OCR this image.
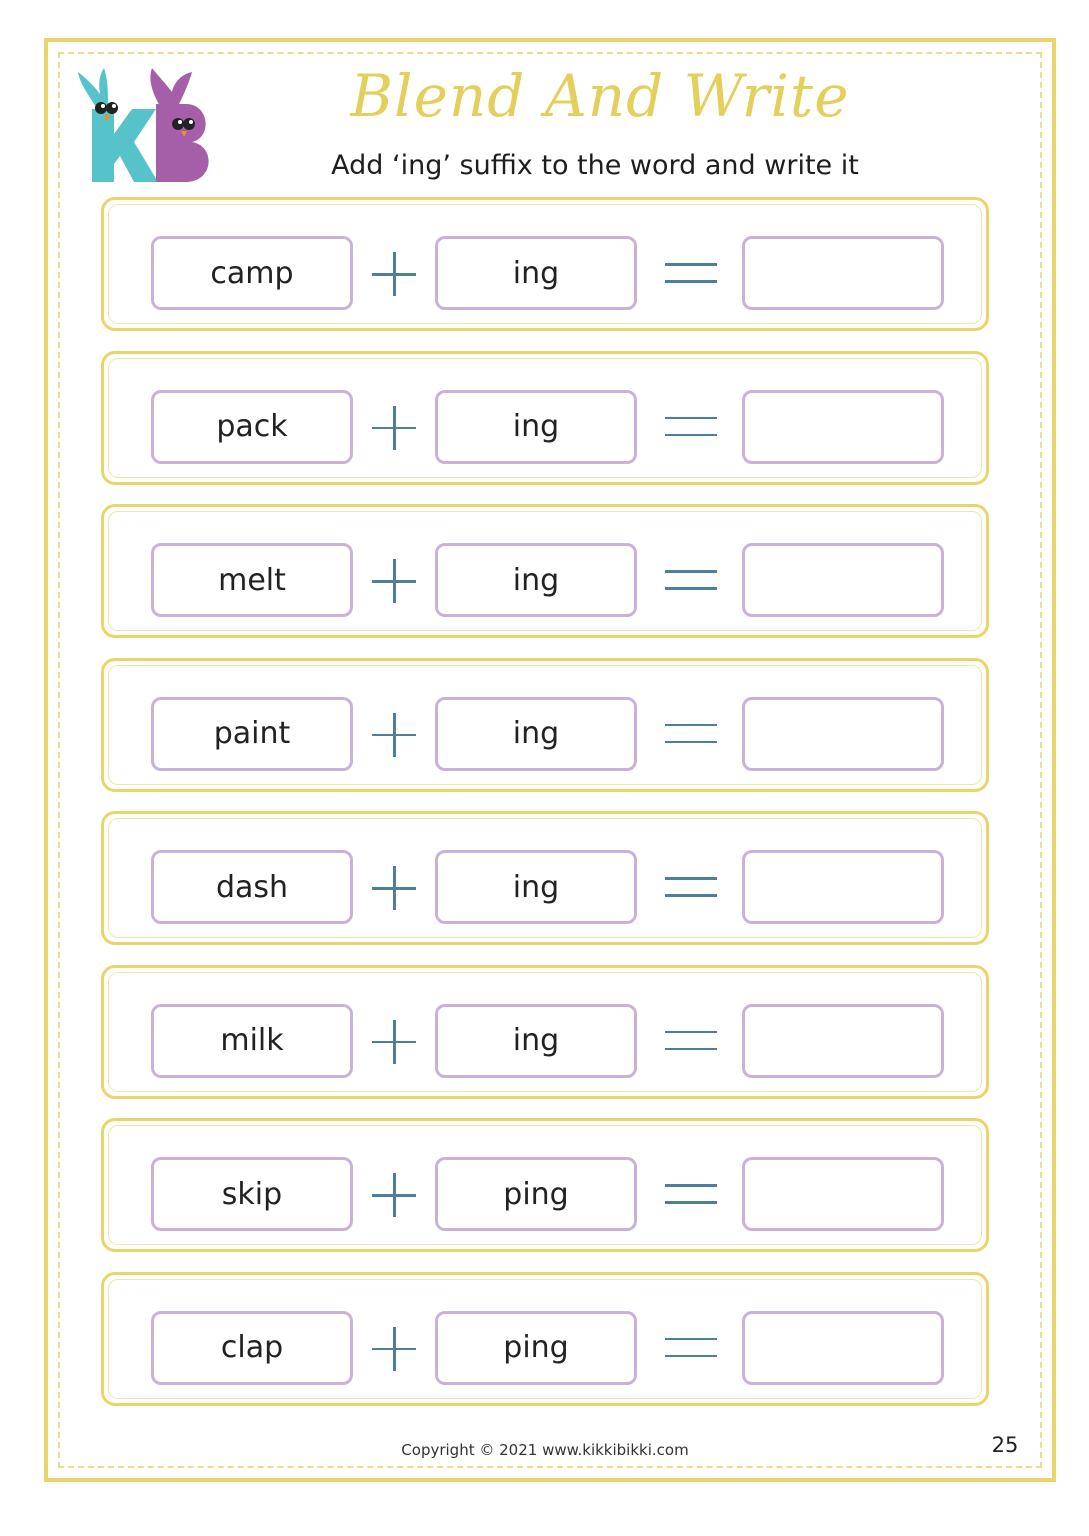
Blend And Write

Add ‘ing’ suffix to the word and write it

camp	ing
pack	ing
melt	ing
paint	ing
dash	ing
milk	ing
skip	ping
clap	ping

Copyright © 2021 www.kikkibikki.com	25
